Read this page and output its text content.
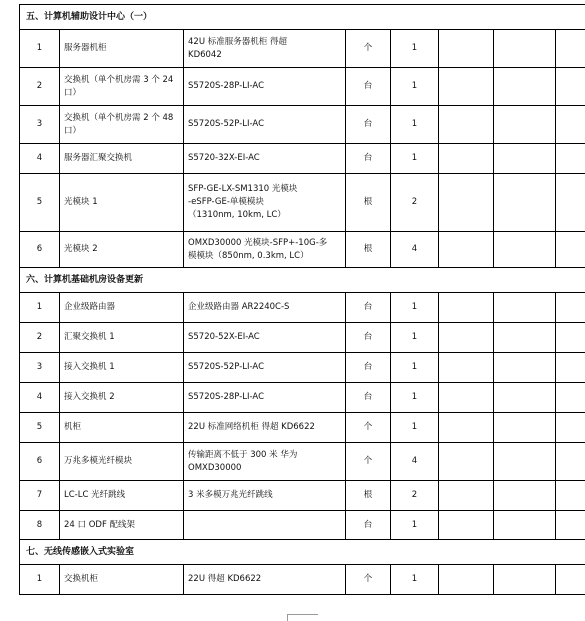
五、计算机辅助设计中心（一）							
1	服务器机柜	42U 标准服务器机柜 得超
KD6042	个	1			
2	交换机（单个机房需 3 个 24 口）	S5720S-28P-LI-AC	台	1			
3	交换机（单个机房需 2 个 48 口）	S5720S-52P-LI-AC	台	1			
4	服务器汇聚交换机	S5720-32X-EI-AC	台	1			
5	光模块 1	SFP-GE-LX-SM1310 光模块
-eSFP-GE-单模模块
（1310nm, 10km, LC）	根	2			
6	光模块 2	OMXD30000 光模块-SFP+-10G-多
模模块（850nm, 0.3km, LC）	根	4			
六、计算机基础机房设备更新							
1	企业级路由器	企业级路由器 AR2240C-S	台	1			
2	汇聚交换机 1	S5720-52X-EI-AC	台	1			
3	接入交换机 1	S5720S-52P-LI-AC	台	1			
4	接入交换机 2	S5720S-28P-LI-AC	台	1			
5	机柜	22U 标准网络机柜 得超 KD6622	个	1			
6	万兆多模光纤模块	传输距离不低于 300 米 华为
OMXD30000	个	4			
7	LC-LC 光纤跳线	3 米多模万兆光纤跳线	根	2			
8	24 口 ODF 配线架		台	1			
七、无线传感嵌入式实验室							
1	交换机柜	22U 得超 KD6622	个	1			
